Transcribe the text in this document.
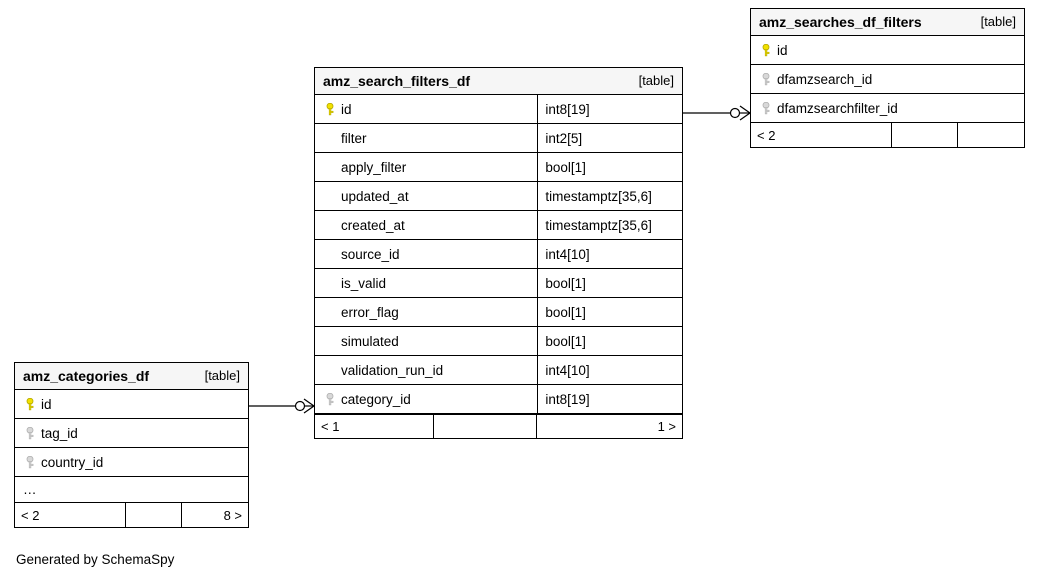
amz_searches_df_filters	[table]
id
dfamzsearch_id
dfamzsearchfilter_id
< 2
amz_search_filters_df	[table]
id	int8[19]
filter	int2[5]
apply_filter	bool[1]
updated_at	timestamptz[35,6]
created_at	timestamptz[35,6]
source_id	int4[10]
is_valid	bool[1]
error_flag	bool[1]
simulated	bool[1]
validation_run_id	int4[10]
category_id	int8[19]
< 1	1 >
amz_categories_df	[table]
id
tag_id
country_id
…
< 2	8 >
Generated by SchemaSpy
